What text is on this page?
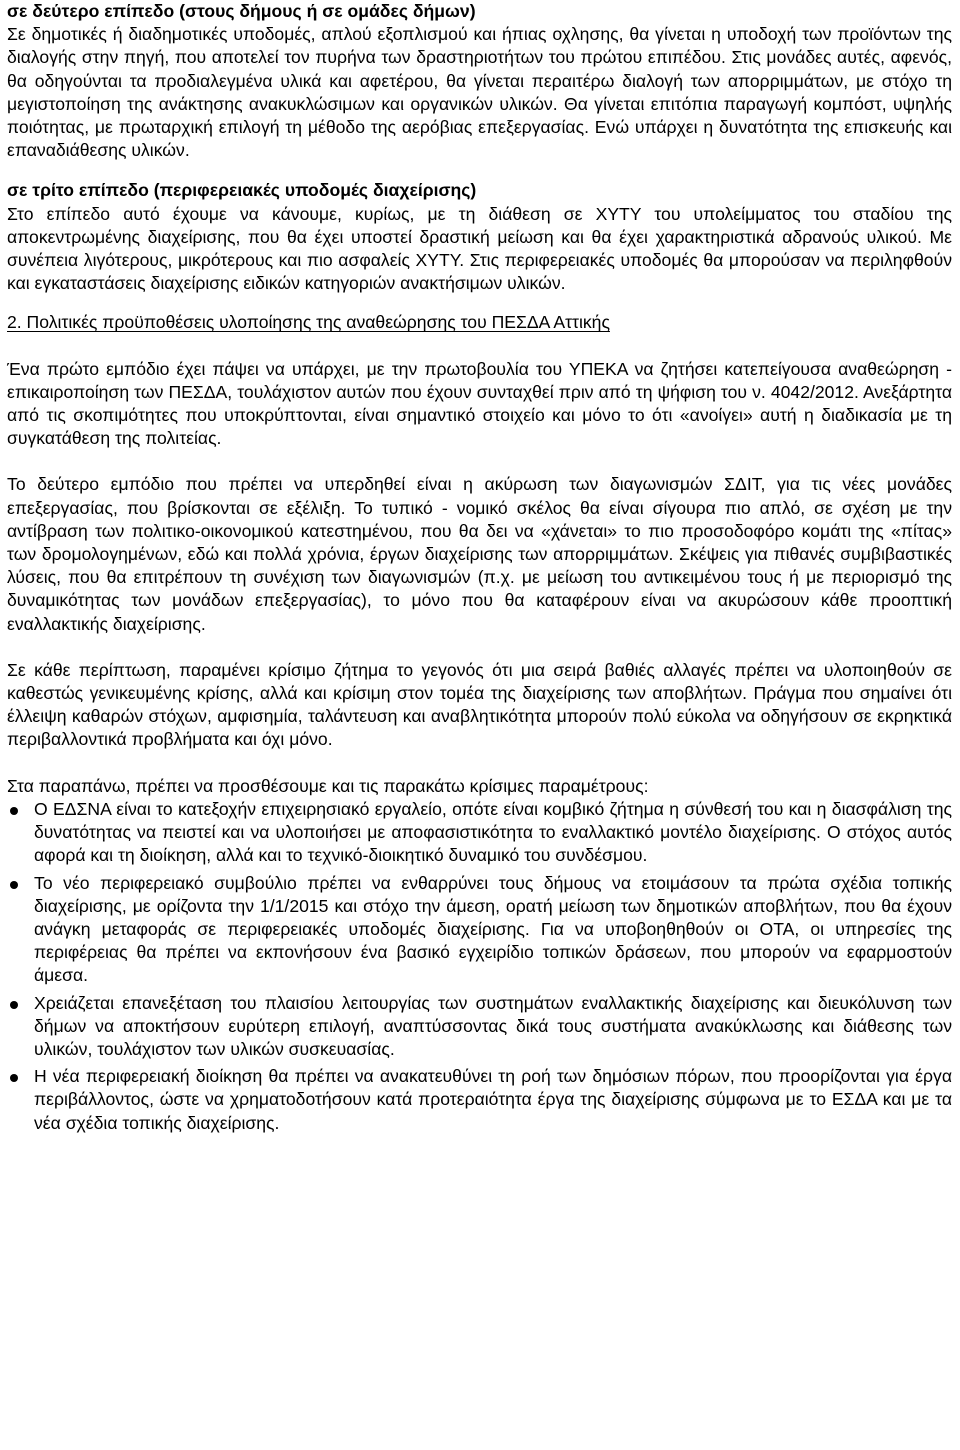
σε δεύτερο επίπεδο (στους δήμους ή σε ομάδες δήμων)
Σε δημοτικές ή διαδημοτικές υποδομές, απλού εξοπλισμού και ήπιας οχλησης, θα γίνεται η υποδοχή των προϊόντων της διαλογής στην πηγή, που αποτελεί τον πυρήνα των δραστηριοτήτων του πρώτου επιπέδου. Στις μονάδες αυτές, αφενός, θα οδηγούνται τα προδιαλεγμένα υλικά και αφετέρου, θα γίνεται περαιτέρω διαλογή των απορριμμάτων, με στόχο τη μεγιστοποίηση της ανάκτησης ανακυκλώσιμων και οργανικών υλικών. Θα γίνεται επιτόπια παραγωγή κομπόστ, υψηλής ποιότητας, με πρωταρχική επιλογή τη μέθοδο της αερόβιας επεξεργασίας. Ενώ υπάρχει η δυνατότητα της επισκευής και επαναδιάθεσης υλικών.
σε τρίτο επίπεδο (περιφερειακές υποδομές διαχείρισης)
Στο επίπεδο αυτό έχουμε να κάνουμε, κυρίως, με τη διάθεση σε ΧΥΤΥ του υπολείμματος του σταδίου της αποκεντρωμένης διαχείρισης, που θα έχει υποστεί δραστική μείωση και θα έχει χαρακτηριστικά αδρανούς υλικού. Με συνέπεια λιγότερους, μικρότερους και πιο ασφαλείς ΧΥΤΥ. Στις περιφερειακές υποδομές θα μπορούσαν να περιληφθούν και εγκαταστάσεις διαχείρισης ειδικών κατηγοριών ανακτήσιμων υλικών.

2. Πολιτικές προϋποθέσεις υλοποίησης της αναθεώρησης του ΠΕΣΔΑ Αττικής

Ένα πρώτο εμπόδιο έχει πάψει να υπάρχει, με την πρωτοβουλία του ΥΠΕΚΑ να ζητήσει κατεπείγουσα αναθεώρηση - επικαιροποίηση των ΠΕΣΔΑ, τουλάχιστον αυτών που έχουν συνταχθεί πριν από τη ψήφιση του ν. 4042/2012. Ανεξάρτητα από τις σκοπιμότητες που υποκρύπτονται, είναι σημαντικό στοιχείο και μόνο το ότι «ανοίγει» αυτή η διαδικασία με τη συγκατάθεση της πολιτείας.

Το δεύτερο εμπόδιο που πρέπει να υπερδηθεί είναι η ακύρωση των διαγωνισμών ΣΔΙΤ, για τις νέες μονάδες επεξεργασίας, που βρίσκονται σε εξέλιξη. Το τυπικό - νομικό σκέλος θα είναι σίγουρα πιο απλό, σε σχέση με την αντίβραση των πολιτικο-οικονομικού κατεστημένου, που θα δει να «χάνεται» το πιο προσοδοφόρο κομάτι της «πίτας» των δρομολογημένων, εδώ και πολλά χρόνια, έργων διαχείρισης των απορριμμάτων. Σκέψεις για πιθανές συμβιβαστικές λύσεις, που θα επιτρέπουν τη συνέχιση των διαγωνισμών (π.χ. με μείωση του αντικειμένου τους ή με περιορισμό της δυναμικότητας των μονάδων επεξεργασίας), το μόνο που θα καταφέρουν είναι να ακυρώσουν κάθε προοπτική εναλλακτικής διαχείρισης.

Σε κάθε περίπτωση, παραμένει κρίσιμο ζήτημα το γεγονός ότι μια σειρά βαθιές αλλαγές πρέπει να υλοποιηθούν σε καθεστώς γενικευμένης κρίσης, αλλά και κρίσιμη στον τομέα της διαχείρισης των αποβλήτων. Πράγμα που σημαίνει ότι έλλειψη καθαρών στόχων, αμφισημία, ταλάντευση και αναβλητικότητα μπορούν πολύ εύκολα να οδηγήσουν σε εκρηκτικά περιβαλλοντικά προβλήματα και όχι μόνο.

Στα παραπάνω, πρέπει να προσθέσουμε και τις παρακάτω κρίσιμες παραμέτρους:

Ο ΕΔΣΝΑ είναι το κατεξοχήν επιχειρησιακό εργαλείο, οπότε είναι κομβικό ζήτημα η σύνθεσή του και η διασφάλιση της δυνατότητας να πειστεί και να υλοποιήσει με αποφασιστικότητα το εναλλακτικό μοντέλο διαχείρισης. Ο στόχος αυτός αφορά και τη διοίκηση, αλλά και το τεχνικό-διοικητικό δυναμικό του συνδέσμου.
Το νέο περιφερειακό συμβούλιο πρέπει να ενθαρρύνει τους δήμους να ετοιμάσουν τα πρώτα σχέδια τοπικής διαχείρισης, με ορίζοντα την 1/1/2015 και στόχο την άμεση, ορατή μείωση των δημοτικών αποβλήτων, που θα έχουν ανάγκη μεταφοράς σε περιφερειακές υποδομές διαχείρισης. Για να υποβοηθηθούν οι ΟΤΑ, οι υπηρεσίες της περιφέρειας θα πρέπει να εκπονήσουν ένα βασικό εγχειρίδιο τοπικών δράσεων, που μπορούν να εφαρμοστούν άμεσα.
Χρειάζεται επανεξέταση του πλαισίου λειτουργίας των συστημάτων εναλλακτικής διαχείρισης και διευκόλυνση των δήμων να αποκτήσουν ευρύτερη επιλογή, αναπτύσσοντας δικά τους συστήματα ανακύκλωσης και διάθεσης των υλικών, τουλάχιστον των υλικών συσκευασίας.
Η νέα περιφερειακή διοίκηση θα πρέπει να ανακατευθύνει τη ροή των δημόσιων πόρων, που προορίζονται για έργα περιβάλλοντος, ώστε να χρηματοδοτήσουν κατά προτεραιότητα έργα της διαχείρισης σύμφωνα με το ΕΣΔΑ και με τα νέα σχέδια τοπικής διαχείρισης.
